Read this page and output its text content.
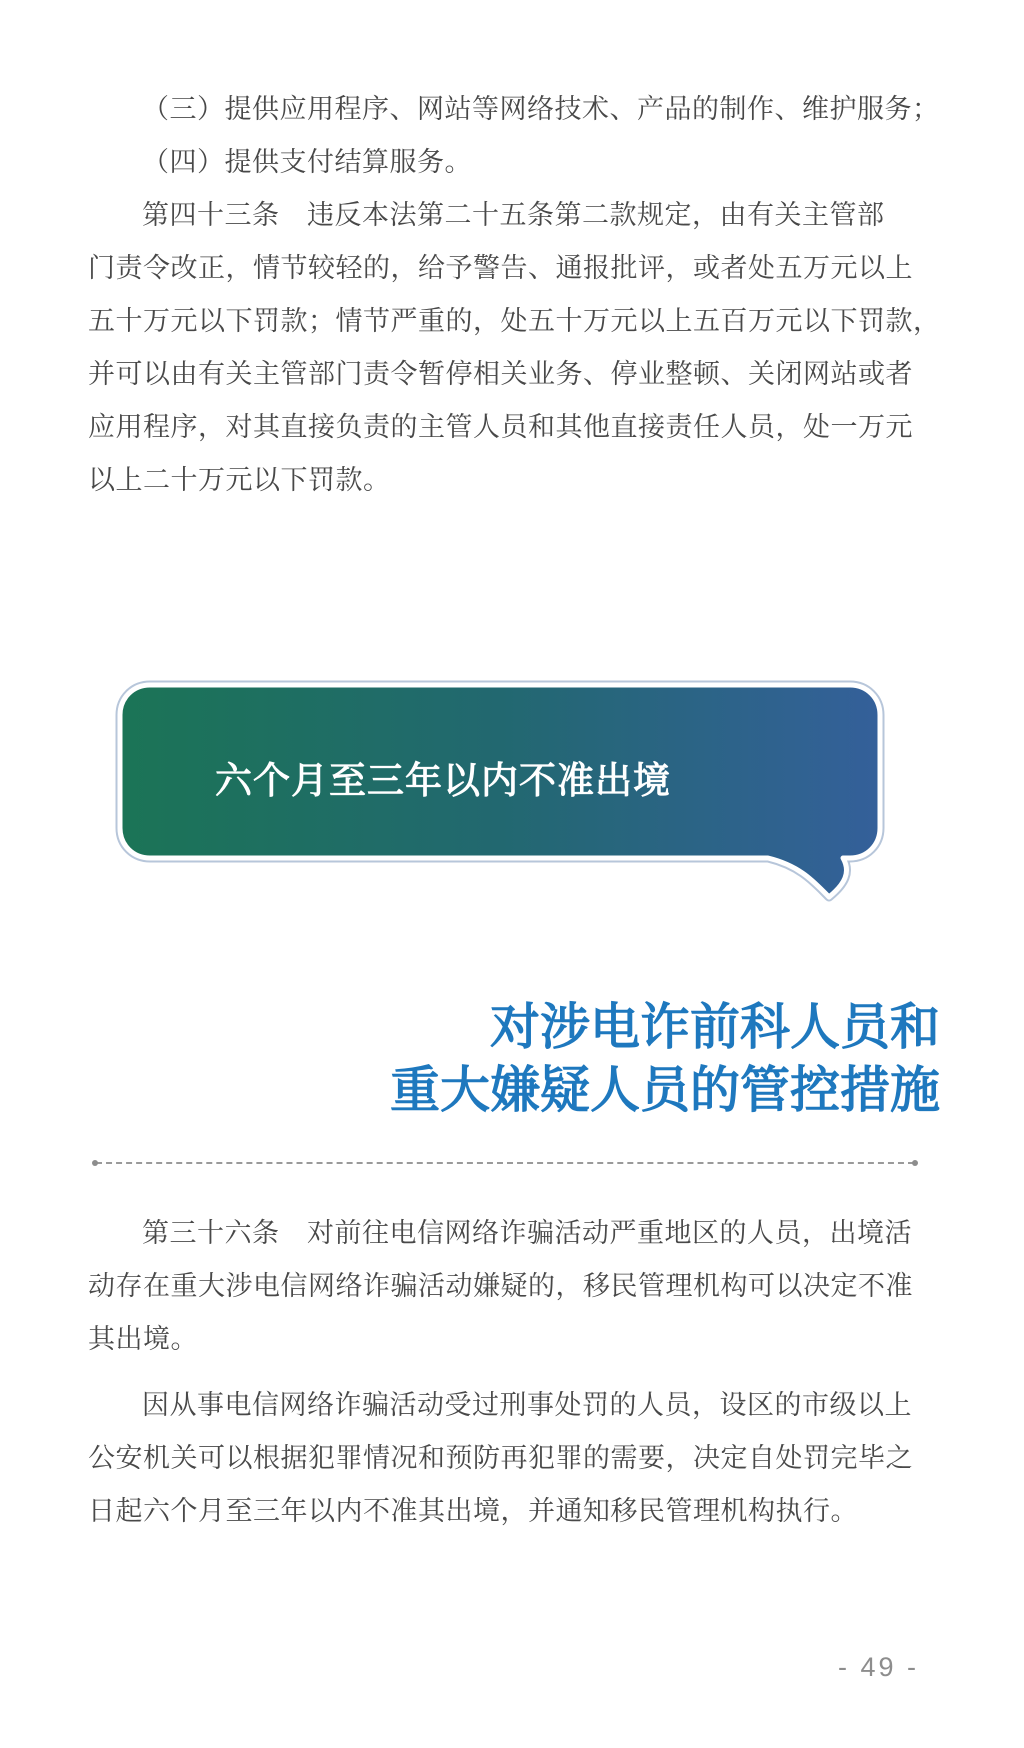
（三）提供应用程序、网站等网络技术、产品的制作、维护服务；
（四）提供支付结算服务。
第四十三条　违反本法第二十五条第二款规定，由有关主管部
门责令改正，情节较轻的，给予警告、通报批评，或者处五万元以上
五十万元以下罚款；情节严重的，处五十万元以上五百万元以下罚款，
并可以由有关主管部门责令暂停相关业务、停业整顿、关闭网站或者
应用程序，对其直接负责的主管人员和其他直接责任人员，处一万元
以上二十万元以下罚款。
六个月至三年以内不准出境
对涉电诈前科人员和
重大嫌疑人员的管控措施
第三十六条　对前往电信网络诈骗活动严重地区的人员，出境活
动存在重大涉电信网络诈骗活动嫌疑的，移民管理机构可以决定不准
其出境。
因从事电信网络诈骗活动受过刑事处罚的人员，设区的市级以上
公安机关可以根据犯罪情况和预防再犯罪的需要，决定自处罚完毕之
日起六个月至三年以内不准其出境，并通知移民管理机构执行。
- 49 -
